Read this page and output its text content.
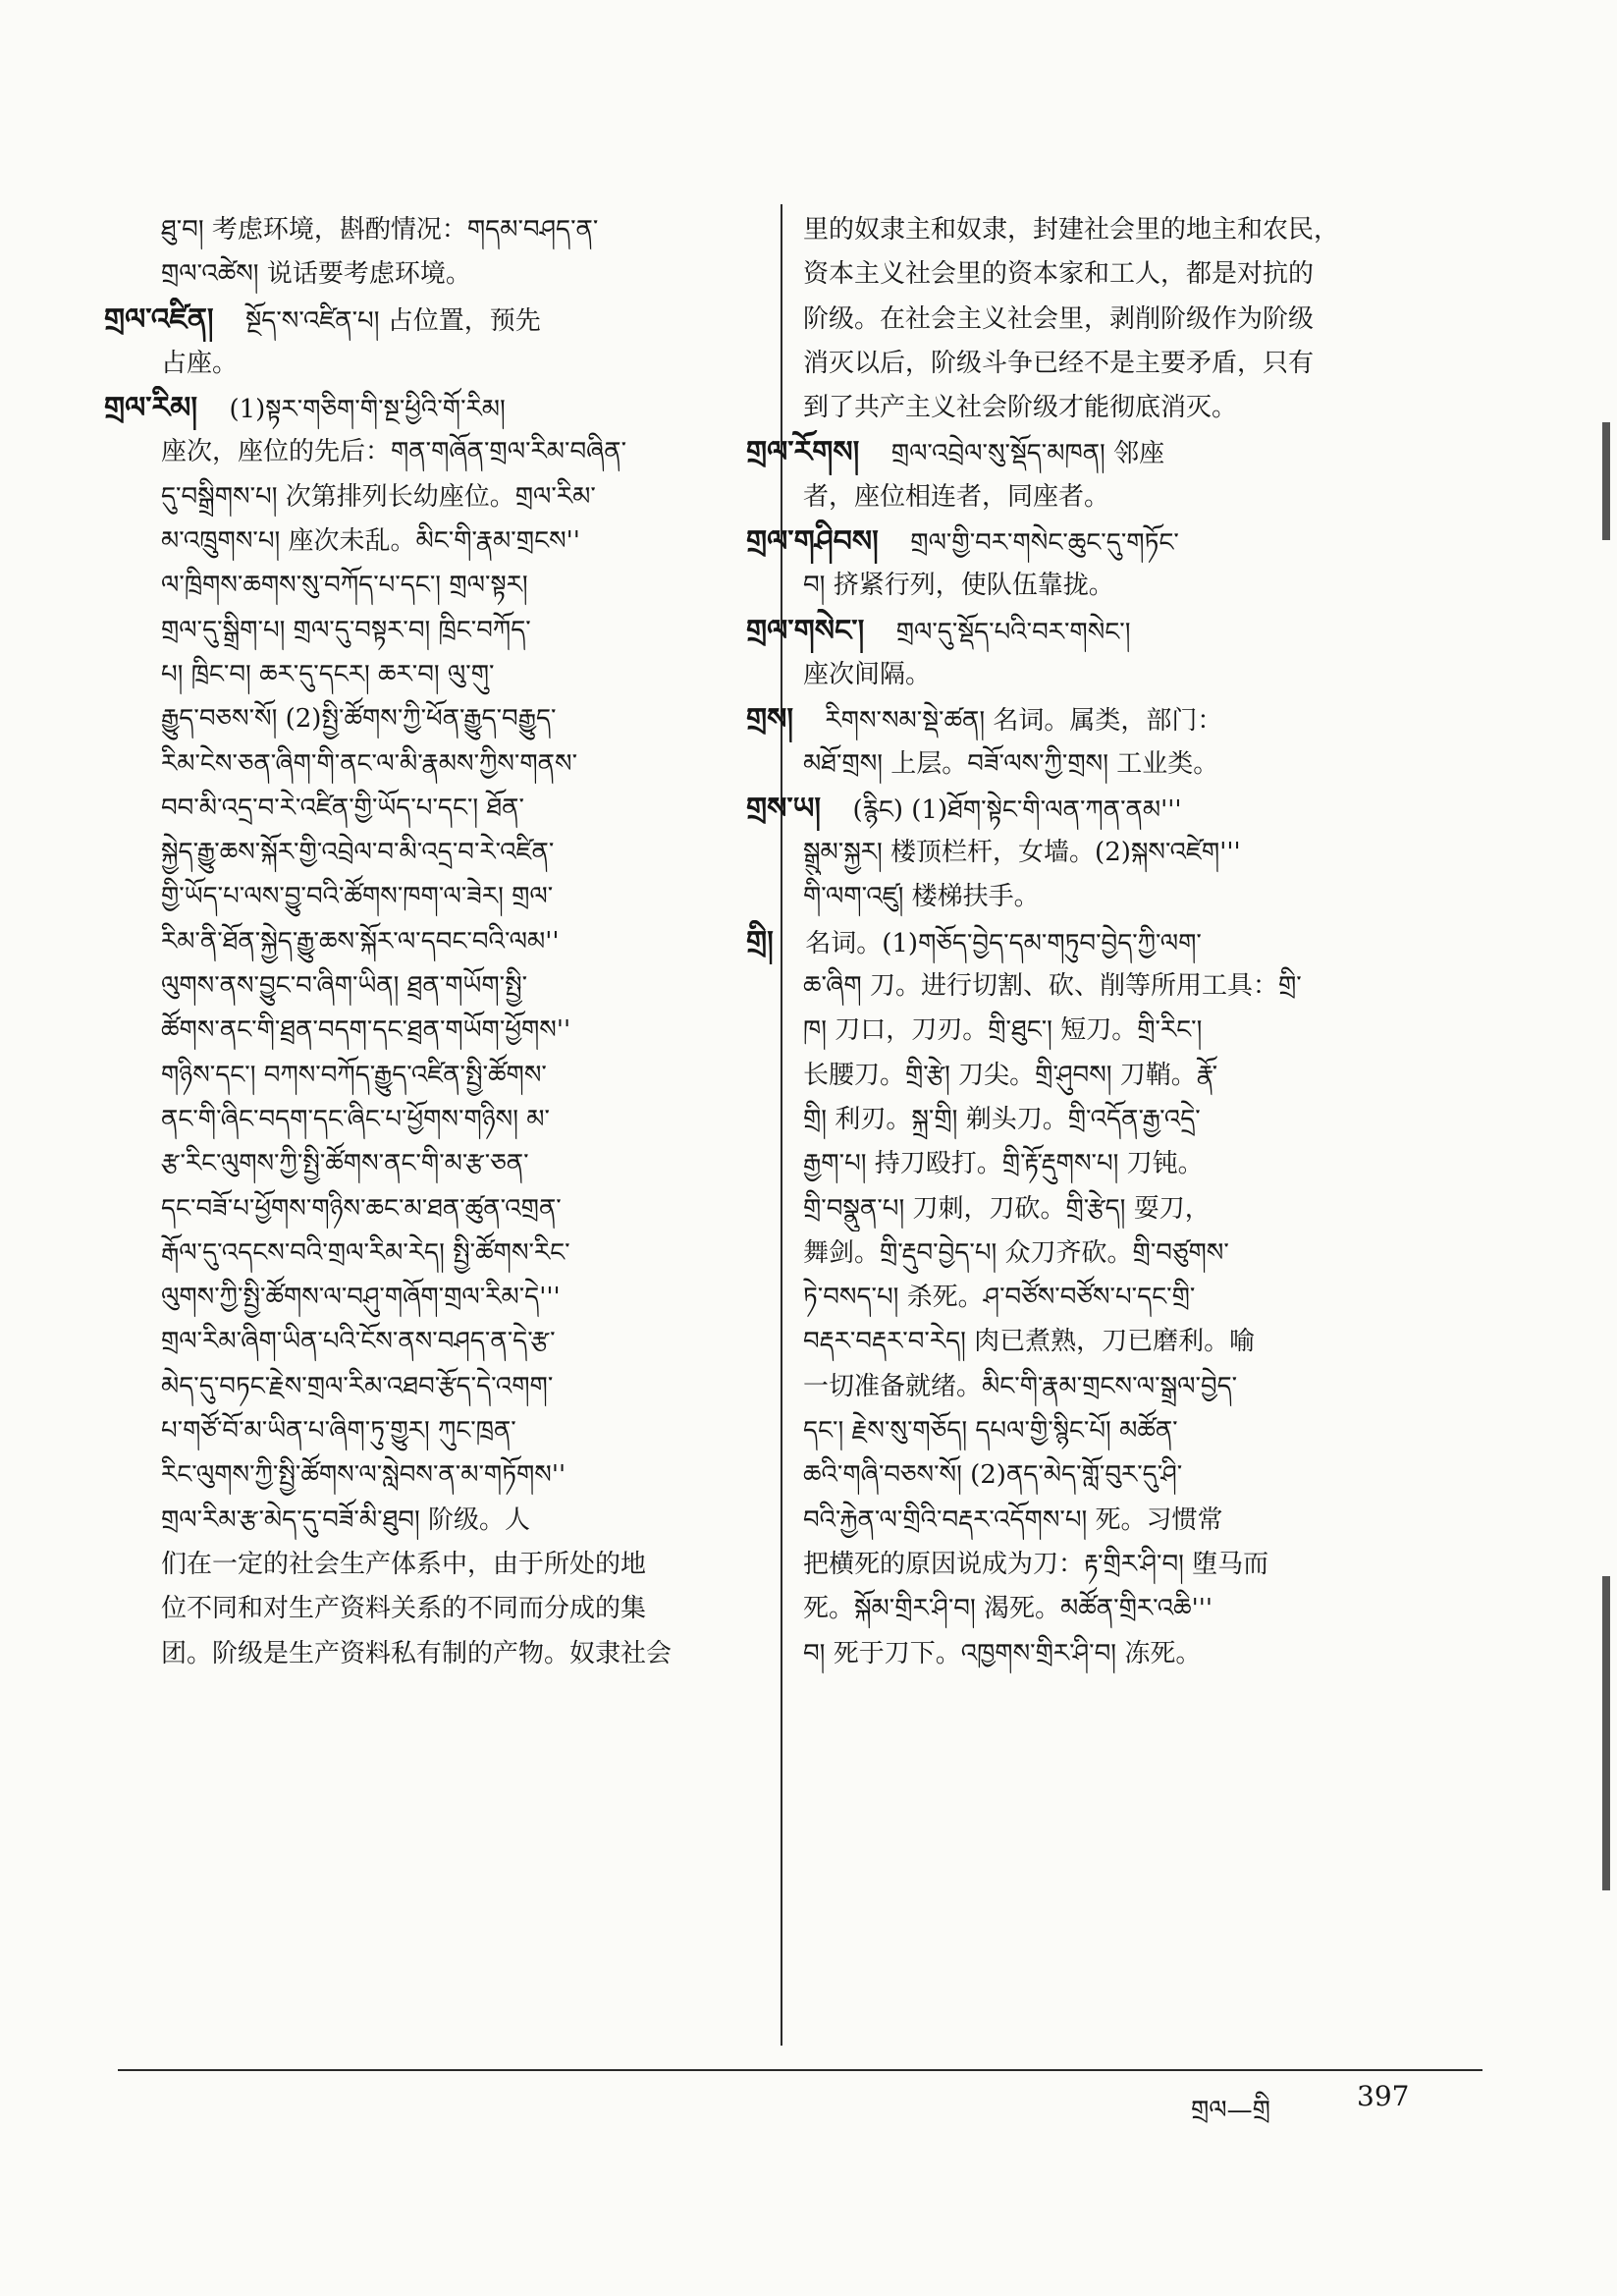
ཐུ་བ། 考虑环境，斟酌情况：གདམ་བཤད་ན་
གྲལ་འཚེས། 说话要考虑环境。
གྲལ་འཛིན། སྔོད་ས་འཛིན་པ། 占位置，预先
占座。
གྲལ་རིམ། (1)སྟར་གཅིག་གི་སྔ་ཕྱིའི་གོ་རིམ།
座次，座位的先后：གན་གཞོན་གྲལ་རིམ་བཞིན་
དུ་བསྒྲིགས་པ། 次第排列长幼座位。གྲལ་རིམ་
མ་འཁྲུགས་པ། 座次未乱。མིང་གི་རྣམ་གྲངས''
ལ་ཁྲིགས་ཆགས་སུ་བཀོད་པ་དང་། གྲལ་སྟར།
གྲལ་དུ་སྒྲིག་པ། གྲལ་དུ་བསྟར་བ། ཁྲིང་བཀོད་
པ། ཁྲིང་བ། ཆར་དུ་དངར། ཆར་བ། ལུ་གུ་
རྒྱུད་བཅས་སོ། (2)སྤྱི་ཚོགས་ཀྱི་ཕོན་རྒྱུད་བརྒྱུད་
རིམ་ངེས་ཅན་ཞིག་གི་ནང་ལ་མི་རྣམས་ཀྱིས་གནས་
བབ་མི་འདྲ་བ་རེ་འཛིན་གྱི་ཡོད་པ་དང་། ཐོན་
སྐྱེད་རྒྱུ་ཆས་སྐོར་གྱི་འབྲེལ་བ་མི་འདྲ་བ་རེ་འཛིན་
གྱི་ཡོད་པ་ལས་བྱུ་བའི་ཚོགས་ཁག་ལ་ཟེར། གྲལ་
རིམ་ནི་ཐོན་སྐྱེད་རྒྱུ་ཆས་སྐོར་ལ་དབང་བའི་ལམ''
ལུགས་ནས་བྱུང་བ་ཞིག་ཡིན། ཐྲན་གཡོག་སྤྱི་
ཚོགས་ནང་གི་ཐྲན་བདག་དང་ཐྲན་གཡོག་ཕྱོགས''
གཉིས་དང་། བཀས་བཀོད་རྒྱུད་འཛིན་སྤྱི་ཚོགས་
ནང་གི་ཞིང་བདག་དང་ཞིང་པ་ཕྱོགས་གཉིས། མ་
རྩ་རིང་ལུགས་ཀྱི་སྤྱི་ཚོགས་ནང་གི་མ་རྩ་ཅན་
དང་བཟོ་པ་ཕྱོགས་གཉིས་ཆང་མ་ཐན་ཚུན་འགྲན་
རྒོལ་དུ་འདངས་བའི་གྲལ་རིམ་རེད། སྤྱི་ཚོགས་རིང་
ལུགས་ཀྱི་སྤྱི་ཚོགས་ལ་བཤུ་གཞོག་གྲལ་རིམ་དེ'''
གྲལ་རིམ་ཞིག་ཡིན་པའི་ངོས་ནས་བཤད་ན་དེ་རྩ་
མེད་དུ་བཏང་རྗེས་གྲལ་རིམ་འཐབ་རྩོད་དེ་འགག་
པ་གཙོ་བོ་མ་ཡིན་པ་ཞིག་ཏུ་གྱུར། ཀུང་ཁྲན་
རིང་ལུགས་ཀྱི་སྤྱི་ཚོགས་ལ་སླེབས་ན་མ་གཏོགས''
གྲལ་རིམ་རྩ་མེད་དུ་བཟོ་མི་ཐུབ། 阶级。人
们在一定的社会生产体系中，由于所处的地
位不同和对生产资料关系的不同而分成的集
团。阶级是生产资料私有制的产物。奴隶社会
里的奴隶主和奴隶，封建社会里的地主和农民，
资本主义社会里的资本家和工人，都是对抗的
阶级。在社会主义社会里，剥削阶级作为阶级
消灭以后，阶级斗争已经不是主要矛盾，只有
到了共产主义社会阶级才能彻底消灭。
གྲལ་རོགས། གྲལ་འབྲེལ་སུ་སྡོད་མཁན། 邻座
者，座位相连者，同座者。
གྲལ་གཤིབས། གྲལ་གྱི་བར་གསེང་ཆུང་དུ་གཏོང་
བ། 挤紧行列，使队伍靠拢。
གྲལ་གསེང་། གྲལ་དུ་སྡོད་པའི་བར་གསེང་།
座次间隔。
གྲས། རིགས་སམ་སྡེ་ཚན། 名词。属类，部门：
མཐོ་གྲས། 上层。བཟོ་ལས་ཀྱི་གྲས། 工业类。
གྲས་ཡ། (རྙིང) (1)ཐོག་སྟེང་གི་ལན་ཀན་ནམ'''
སྒྲུམ་སྐྱར། 楼顶栏杆，女墙。(2)སྐས་འཛེག'''
གི་ལག་འཛུ། 楼梯扶手。
གྲི། 名词。(1)གཅོད་བྱེད་དམ་གཏུབ་བྱེད་ཀྱི་ལག་
ཆ་ཞིག 刀。进行切割、砍、削等所用工具：གྲི་
ཁ། 刀口，刀刃。གྲི་ཐུང་། 短刀。གྲི་རིང་།
长腰刀。གྲི་རྩེ། 刀尖。གྲི་ཤུབས། 刀鞘。རྣོ་
གྲི། 利刃。སྐྲ་གྲི། 剃头刀。གྲི་འདོན་རྒྱ་འདྲེ་
རྒྱག་པ། 持刀殴打。གྲི་རྟོ་རྡུགས་པ། 刀钝。
གྲི་བསྣུན་པ། 刀刺，刀砍。གྲི་རྩེད། 耍刀，
舞剑。གྲི་རྡུབ་བྱེད་པ། 众刀齐砍。གྲི་བཙུགས་
ཏེ་བསད་པ། 杀死。ཤ་བཙོས་བཙོས་པ་དང་གྲི་
བརྡར་བརྡར་བ་རེད། 肉已煮熟，刀已磨利。喻
一切准备就绪。མིང་གི་རྣམ་གྲངས་ལ་སྒྲལ་བྱེད་
དང་། རྗེས་སུ་གཅོད། དཔལ་གྱི་སྙིང་པོ། མཚོན་
ཆའི་གཞི་བཅས་སོ། (2)ནད་མེད་གློ་བུར་དུ་ཤི་
བའི་རྐྱེན་ལ་གྲིའི་བརྡར་འདོགས་པ། 死。习惯常
把横死的原因说成为刀：རྟ་གྲིར་ཤི་བ། 堕马而
死。སྐོམ་གྲིར་ཤི་བ། 渴死。མཚོན་གྲིར་འཆི'''
བ། 死于刀下。འཁྱགས་གྲིར་ཤི་བ། 冻死。
གྲལ—གྲི	397
